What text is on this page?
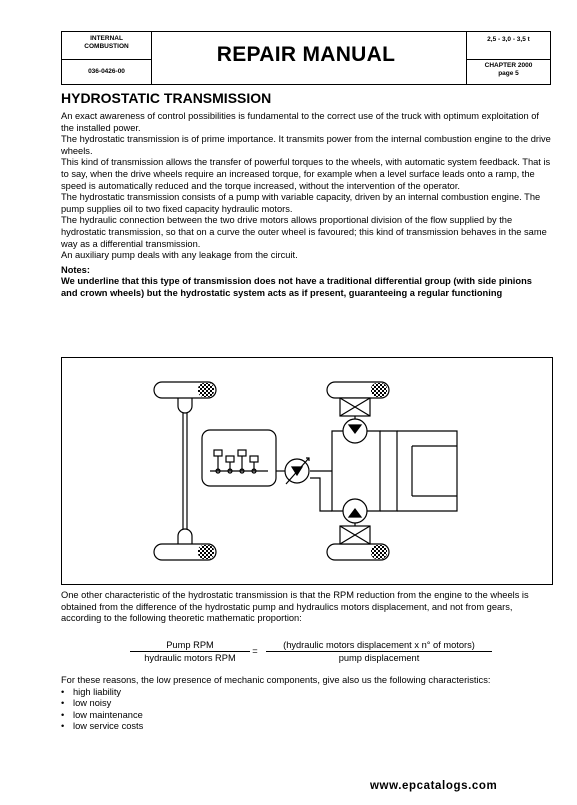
INTERNAL
COMBUSTION
036-0426-00
REPAIR MANUAL
2,5 - 3,0 - 3,5 t
CHAPTER 2000
page 5
HYDROSTATIC TRANSMISSION

An exact awareness of control possibilities is fundamental to the correct use of the truck with optimum exploitation of the installed power.

The hydrostatic transmission is of prime importance. It transmits power from the internal combustion engine to the drive wheels.

This kind of transmission allows the transfer of powerful torques to the wheels, with automatic system feedback. That is to say, when the drive wheels require an increased torque, for example when a level surface leads onto a ramp, the speed is automatically reduced and the torque increased, without the intervention of the operator.

The hydrostatic transmission consists of a pump with variable capacity, driven by an internal combustion engine. The pump supplies oil to two fixed capacity hydraulic motors.

The hydraulic connection between the two drive motors allows proportional division of the flow supplied by the hydrostatic transmission, so that on a curve the outer wheel is favoured; this kind of transmission behaves in the same way as a differential transmission.

An auxiliary pump deals with any leakage from the circuit.

Notes:

We underline that this type of transmission does not have a traditional differential group (with side pinions and crown wheels) but the hydrostatic system acts as if present, guaranteeing a regular functioning

One other characteristic of the hydrostatic transmission is that the RPM reduction from the engine to the wheels is obtained from the difference of the hydrostatic pump and hydraulics motors displacement, and not from gears, according to the following theoretic mathematic proportion:
Pump RPM
hydraulic motors RPM
=
(hydraulic motors displacement x n° of motors)
pump displacement

For these reasons, the low presence of mechanic components, give also us the following characteristics:

• high liability
• low noisy
• low maintenance
• low service costs
www.epcatalogs.com
